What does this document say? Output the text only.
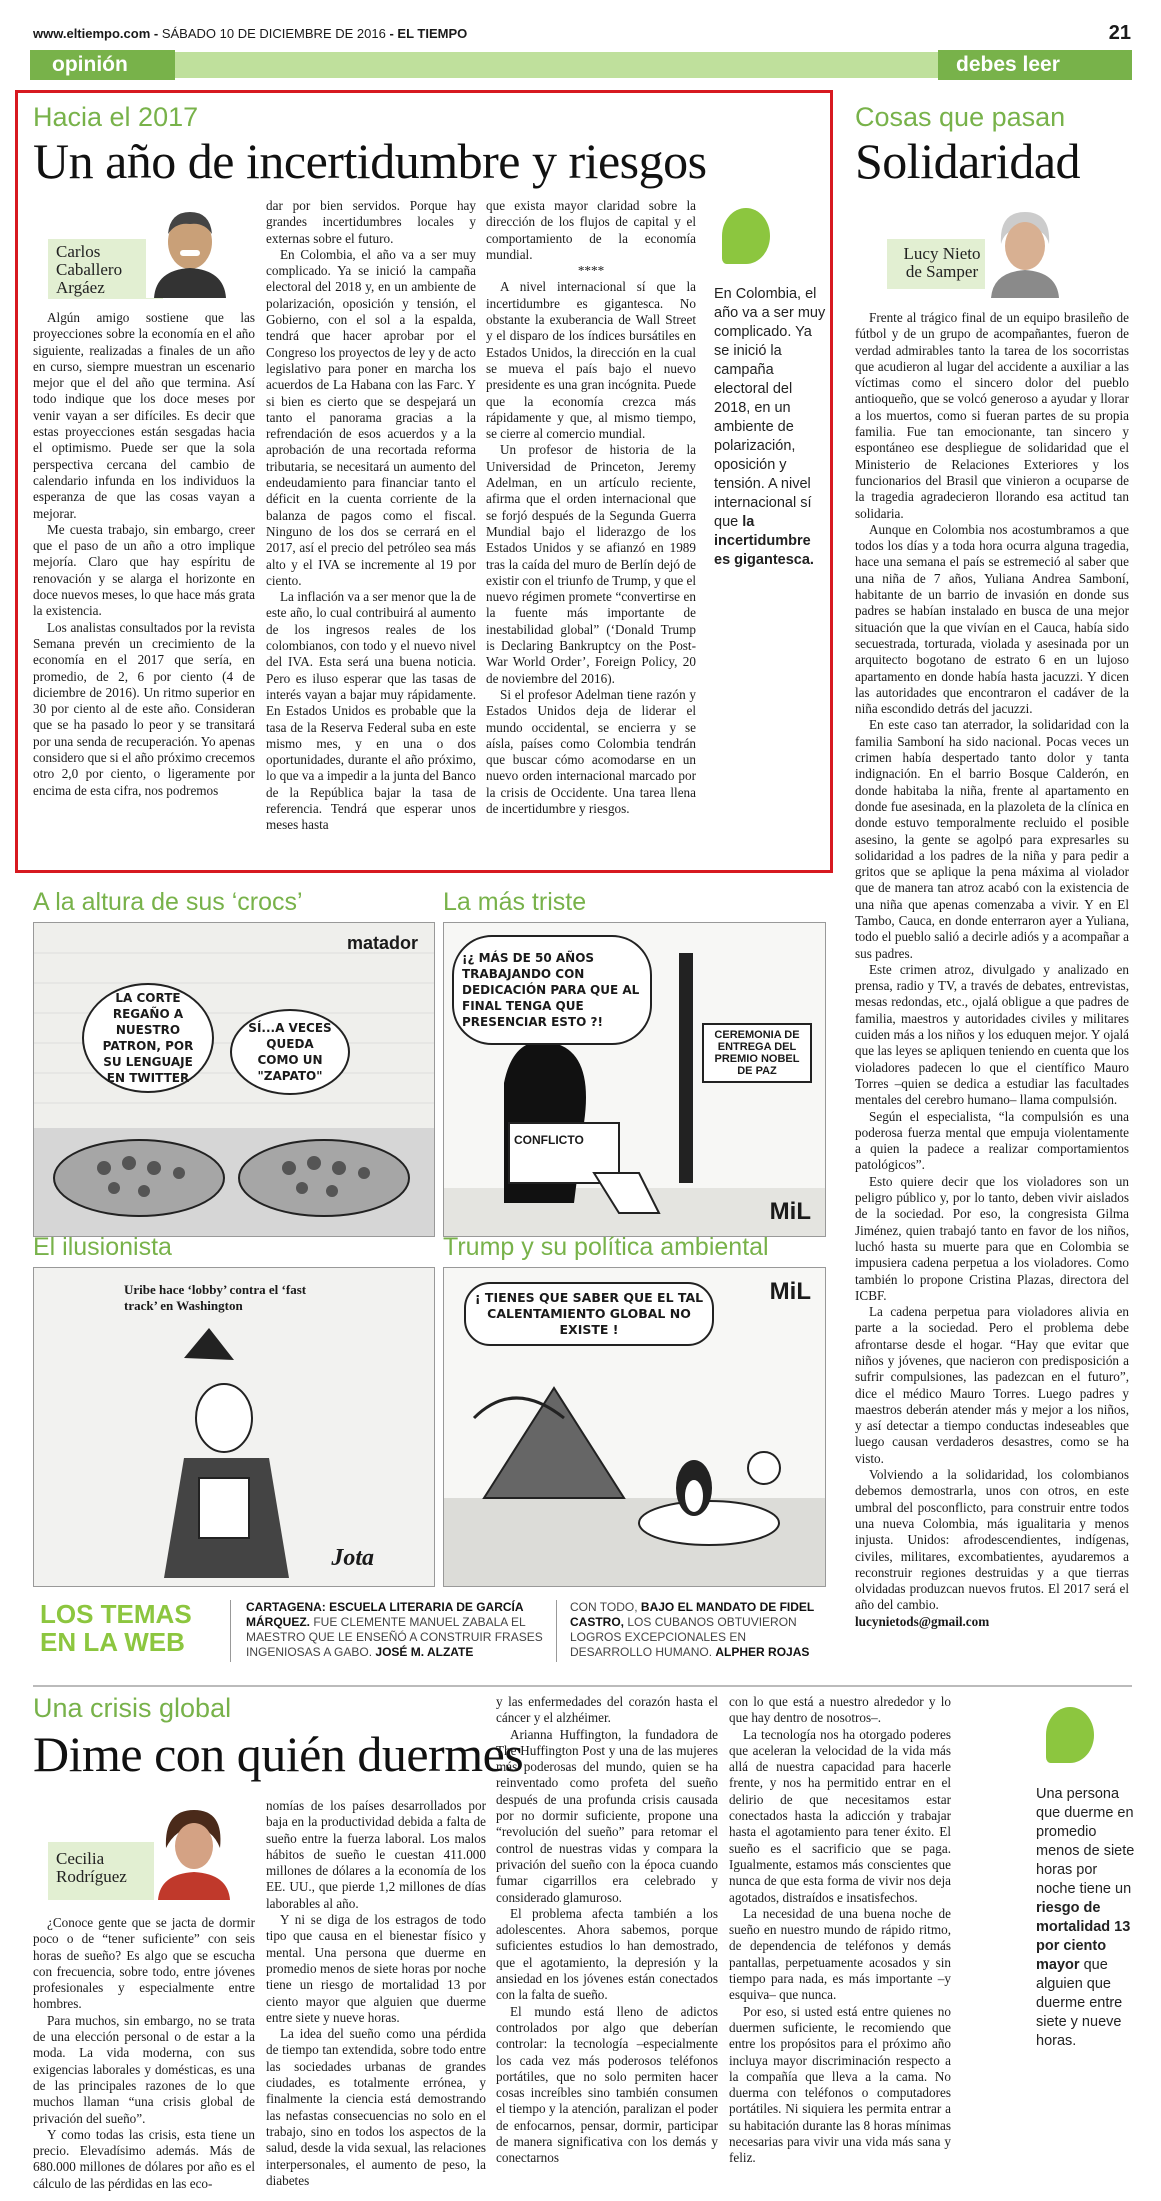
www.eltiempo.com - SÁBADO 10 DE DICIEMBRE DE 2016 - EL TIEMPO	21
opinión	debes leer
Hacia el 2017
Un año de incertidumbre y riesgos
Carlos Caballero Argáez

Algún amigo sostiene que las proyecciones sobre la economía en el año siguiente, realizadas a finales de un año en curso, siempre muestran un escenario mejor que el del año que termina. Así todo indique que los doce meses por venir vayan a ser difíciles. Es decir que estas proyecciones están sesgadas hacia el optimismo. Puede ser que la sola perspectiva cercana del cambio de calendario infunda en los individuos la esperanza de que las cosas vayan a mejorar.

Me cuesta trabajo, sin embargo, creer que el paso de un año a otro implique mejoría. Claro que hay espíritu de renovación y se alarga el horizonte en doce nuevos meses, lo que hace más grata la existencia.

Los analistas consultados por la revista Semana prevén un crecimiento de la economía en el 2017 que sería, en promedio, de 2, 6 por ciento (4 de diciembre de 2016). Un ritmo superior en 30 por ciento al de este año. Consideran que se ha pasado lo peor y se transitará por una senda de recuperación. Yo apenas considero que si el año próximo crecemos otro 2,0 por ciento, o ligeramente por encima de esta cifra, nos podremos

dar por bien servidos. Porque hay grandes incertidumbres locales y externas sobre el futuro.

En Colombia, el año va a ser muy complicado. Ya se inició la campaña electoral del 2018 y, en un ambiente de polarización, oposición y tensión, el Gobierno, con el sol a la espalda, tendrá que hacer aprobar por el Congreso los proyectos de ley y de acto legislativo para poner en marcha los acuerdos de La Habana con las Farc. Y si bien es cierto que se despejará un tanto el panorama gracias a la refrendación de esos acuerdos y a la aprobación de una recortada reforma tributaria, se necesitará un aumento del endeudamiento para financiar tanto el déficit en la cuenta corriente de la balanza de pagos como el fiscal. Ninguno de los dos se cerrará en el 2017, así el precio del petróleo sea más alto y el IVA se incremente al 19 por ciento.

La inflación va a ser menor que la de este año, lo cual contribuirá al aumento de los ingresos reales de los colombianos, con todo y el nuevo nivel del IVA. Esta será una buena noticia. Pero es iluso esperar que las tasas de interés vayan a bajar muy rápidamente. En Estados Unidos es probable que la tasa de la Reserva Federal suba en este mismo mes, y en una o dos oportunidades, durante el año próximo, lo que va a impedir a la junta del Banco de la República bajar la tasa de referencia. Tendrá que esperar unos meses hasta

que exista mayor claridad sobre la dirección de los flujos de capital y el comportamiento de la economía mundial.

****

A nivel internacional sí que la incertidumbre es gigantesca. No obstante la exuberancia de Wall Street y el disparo de los índices bursátiles en Estados Unidos, la dirección en la cual se mueva el país bajo el nuevo presidente es una gran incógnita. Puede que la economía crezca más rápidamente y que, al mismo tiempo, se cierre al comercio mundial.

Un profesor de historia de la Universidad de Princeton, Jeremy Adelman, en un artículo reciente, afirma que el orden internacional que se forjó después de la Segunda Guerra Mundial bajo el liderazgo de los Estados Unidos y se afianzó en 1989 tras la caída del muro de Berlín dejó de existir con el triunfo de Trump, y que el nuevo régimen promete “convertirse en la fuente más importante de inestabilidad global” (‘Donald Trump is Declaring Bankruptcy on the Post-War World Order’, Foreign Policy, 20 de noviembre del 2016).

Si el profesor Adelman tiene razón y Estados Unidos deja de liderar el mundo occidental, se encierra y se aísla, países como Colombia tendrán que buscar cómo acomodarse en un nuevo orden internacional marcado por la crisis de Occidente. Una tarea llena de incertidumbre y riesgos.

En Colombia, el año va a ser muy complicado. Ya se inició la campaña electoral del 2018, en un ambiente de polarización, oposición y tensión. A nivel internacional sí que la incertidumbre es gigantesca.
Cosas que pasan
Solidaridad
Lucy Nieto de Samper

Frente al trágico final de un equipo brasileño de fútbol y de un grupo de acompañantes, fueron de verdad admirables tanto la tarea de los socorristas que acudieron al lugar del accidente a auxiliar a las víctimas como el sincero dolor del pueblo antioqueño, que se volcó generoso a ayudar y llorar a los muertos, como si fueran partes de su propia familia. Fue tan emocionante, tan sincero y espontáneo ese despliegue de solidaridad que el Ministerio de Relaciones Exteriores y los funcionarios del Brasil que vinieron a ocuparse de la tragedia agradecieron llorando esa actitud tan solidaria.

Aunque en Colombia nos acostumbramos a que todos los días y a toda hora ocurra alguna tragedia, hace una semana el país se estremeció al saber que una niña de 7 años, Yuliana Andrea Samboní, habitante de un barrio de invasión en donde sus padres se habían instalado en busca de una mejor situación que la que vivían en el Cauca, había sido secuestrada, torturada, violada y asesinada por un arquitecto bogotano de estrato 6 en un lujoso apartamento en donde había hasta jacuzzi. Y dicen las autoridades que encontraron el cadáver de la niña escondido detrás del jacuzzi.

En este caso tan aterrador, la solidaridad con la familia Samboní ha sido nacional. Pocas veces un crimen había despertado tanto dolor y tanta indignación. En el barrio Bosque Calderón, en donde habitaba la niña, frente al apartamento en donde fue asesinada, en la plazoleta de la clínica en donde estuvo temporalmente recluido el posible asesino, la gente se agolpó para expresarles su solidaridad a los padres de la niña y para pedir a gritos que se aplique la pena máxima al violador que de manera tan atroz acabó con la existencia de una niña que apenas comenzaba a vivir. Y en El Tambo, Cauca, en donde enterraron ayer a Yuliana, todo el pueblo salió a decirle adiós y a acompañar a sus padres.

Este crimen atroz, divulgado y analizado en prensa, radio y TV, a través de debates, entrevistas, mesas redondas, etc., ojalá obligue a que padres de familia, maestros y autoridades civiles y militares cuiden más a los niños y los eduquen mejor. Y ojalá que las leyes se apliquen teniendo en cuenta que los violadores padecen lo que el científico Mauro Torres –quien se dedica a estudiar las facultades mentales del cerebro humano– llama compulsión.

Según el especialista, “la compulsión es una poderosa fuerza mental que empuja violentamente a quien la padece a realizar comportamientos patológicos”.

Esto quiere decir que los violadores son un peligro público y, por lo tanto, deben vivir aislados de la sociedad. Por eso, la congresista Gilma Jiménez, quien trabajó tanto en favor de los niños, luchó hasta su muerte para que en Colombia se impusiera cadena perpetua a los violadores. Como también lo propone Cristina Plazas, directora del ICBF.

La cadena perpetua para violadores alivia en parte a la sociedad. Pero el problema debe afrontarse desde el hogar. “Hay que evitar que niños y jóvenes, que nacieron con predisposición a sufrir compulsiones, las padezcan en el futuro”, dice el médico Mauro Torres. Luego padres y maestros deberán atender más y mejor a los niños, y así detectar a tiempo conductas indeseables que luego causan verdaderos desastres, como se ha visto.

Volviendo a la solidaridad, los colombianos debemos demostrarla, unos con otros, en este umbral del posconflicto, para construir entre todos una nueva Colombia, más igualitaria y menos injusta. Unidos: afrodescendientes, indígenas, civiles, militares, excombatientes, ayudaremos a reconstruir regiones destruidas y a que tierras olvidadas produzcan nuevos frutos. El 2017 será el año del cambio.

lucynietods@gmail.com

A la altura de sus ‘crocs’
matador
LA CORTE REGAÑO A NUESTRO PATRON, POR SU LENGUAJE EN TWITTER
SÍ...A VECES QUEDA COMO UN "ZAPATO"
La más triste
¡¿ MÁS DE 50 AÑOS TRABAJANDO CON DEDICACIÓN PARA QUE AL FINAL TENGA QUE PRESENCIAR ESTO ?!
CEREMONIA DE ENTREGA DEL PREMIO NOBEL DE PAZ
CONFLICTO
MiL
El ilusionista
Uribe hace ‘lobby’ contra el ‘fast track’ en Washington
Jota
Trump y su política ambiental
¡ TIENES QUE SABER QUE EL TAL CALENTAMIENTO GLOBAL NO EXISTE !
MiL
LOS TEMAS EN LA WEB
CARTAGENA: ESCUELA LITERARIA DE GARCÍA MÁRQUEZ. FUE CLEMENTE MANUEL ZABALA EL MAESTRO QUE LE ENSEÑÓ A CONSTRUIR FRASES INGENIOSAS A GABO. JOSÉ M. ALZATE
CON TODO, BAJO EL MANDATO DE FIDEL CASTRO, LOS CUBANOS OBTUVIERON LOGROS EXCEPCIONALES EN DESARROLLO HUMANO. ALPHER ROJAS
Una crisis global
Dime con quién duermes
Cecilia Rodríguez

¿Conoce gente que se jacta de dormir poco o de “tener suficiente” con seis horas de sueño? Es algo que se escucha con frecuencia, sobre todo, entre jóvenes profesionales y especialmente entre hombres.

Para muchos, sin embargo, no se trata de una elección personal o de estar a la moda. La vida moderna, con sus exigencias laborales y domésticas, es una de las principales razones de lo que muchos llaman “una crisis global de privación del sueño”.

Y como todas las crisis, esta tiene un precio. Elevadísimo además. Más de 680.000 millones de dólares por año es el cálculo de las pérdidas en las eco-

nomías de los países desarrollados por baja en la productividad debida a falta de sueño entre la fuerza laboral. Los malos hábitos de sueño le cuestan 411.000 millones de dólares a la economía de los EE. UU., que pierde 1,2 millones de días laborables al año.

Y ni se diga de los estragos de todo tipo que causa en el bienestar físico y mental. Una persona que duerme en promedio menos de siete horas por noche tiene un riesgo de mortalidad 13 por ciento mayor que alguien que duerme entre siete y nueve horas.

La idea del sueño como una pérdida de tiempo tan extendida, sobre todo entre las sociedades urbanas de grandes ciudades, es totalmente errónea, y finalmente la ciencia está demostrando las nefastas consecuencias no solo en el trabajo, sino en todos los aspectos de la salud, desde la vida sexual, las relaciones interpersonales, el aumento de peso, la diabetes

y las enfermedades del corazón hasta el cáncer y el alzhéimer.

Arianna Huffington, la fundadora de The Huffington Post y una de las mujeres más poderosas del mundo, quien se ha reinventado como profeta del sueño después de una profunda crisis causada por no dormir suficiente, propone una “revolución del sueño” para retomar el control de nuestras vidas y compara la privación del sueño con la época cuando fumar cigarrillos era celebrado y considerado glamuroso.

El problema afecta también a los adolescentes. Ahora sabemos, porque suficientes estudios lo han demostrado, que el agotamiento, la depresión y la ansiedad en los jóvenes están conectados con la falta de sueño.

El mundo está lleno de adictos controlados por algo que deberían controlar: la tecnología –especialmente los cada vez más poderosos teléfonos portátiles, que no solo permiten hacer cosas increíbles sino también consumen el tiempo y la atención, paralizan el poder de enfocarnos, pensar, dormir, participar de manera significativa con los demás y conectarnos

con lo que está a nuestro alrededor y lo que hay dentro de nosotros–.

La tecnología nos ha otorgado poderes que aceleran la velocidad de la vida más allá de nuestra capacidad para hacerle frente, y nos ha permitido entrar en el delirio de que necesitamos estar conectados hasta la adicción y trabajar hasta el agotamiento para tener éxito. El sueño es el sacrificio que se paga. Igualmente, estamos más conscientes que nunca de que esta forma de vivir nos deja agotados, distraídos e insatisfechos.

La necesidad de una buena noche de sueño en nuestro mundo de rápido ritmo, de dependencia de teléfonos y demás pantallas, perpetuamente acosados y sin tiempo para nada, es más importante –y esquiva– que nunca.

Por eso, si usted está entre quienes no duermen suficiente, le recomiendo que entre los propósitos para el próximo año incluya mayor discriminación respecto a la compañía que lleva a la cama. No duerma con teléfonos o computadores portátiles. Ni siquiera les permita entrar a su habitación durante las 8 horas mínimas necesarias para vivir una vida más sana y feliz.

Una persona que duerme en promedio menos de siete horas por noche tiene un riesgo de mortalidad 13 por ciento mayor que alguien que duerme entre siete y nueve horas.
